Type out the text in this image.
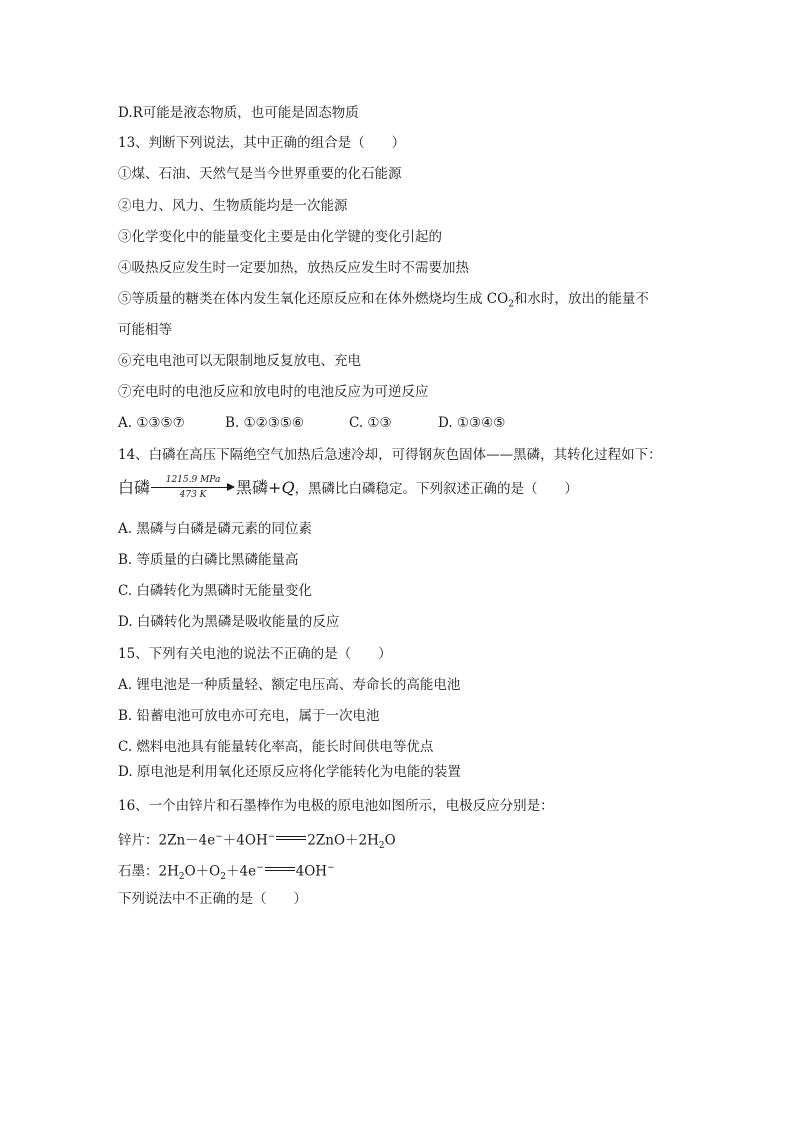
D.R可能是液态物质，也可能是固态物质
13、判断下列说法，其中正确的组合是（　　）
①煤、石油、天然气是当今世界重要的化石能源
②电力、风力、生物质能均是一次能源
③化学变化中的能量变化主要是由化学键的变化引起的
④吸热反应发生时一定要加热，放热反应发生时不需要加热
⑤等质量的糖类在体内发生氧化还原反应和在体外燃烧均生成 $CO_2$和水时，放出的能量不
可能相等
⑥充电电池可以无限制地反复放电、充电
⑦充电时的电池反应和放电时的电池反应为可逆反应
A. ①③⑤⑦	B. ①②③⑤⑥	C. ①③	D. ①③④⑤
14、白磷在高压下隔绝空气加热后急速冷却，可得钢灰色固体——黑磷，其转化过程如下：
白磷	1215.9 MPa
473 K	黑磷+Q，黑磷比白磷稳定。下列叙述正确的是（　　）
A. 黑磷与白磷是磷元素的同位素
B. 等质量的白磷比黑磷能量高
C. 白磷转化为黑磷时无能量变化
D. 白磷转化为黑磷是吸收能量的反应
15、下列有关电池的说法不正确的是（　　）
A. 锂电池是一种质量轻、额定电压高、寿命长的高能电池
B. 铅蓄电池可放电亦可充电，属于一次电池
C. 燃料电池具有能量转化率高，能长时间供电等优点
D. 原电池是利用氧化还原反应将化学能转化为电能的装置
16、一个由锌片和石墨棒作为电极的原电池如图所示，电极反应分别是：
锌片：2Zn－4e−＋4OH− $2ZnO+2H_2O$
石墨：$2H_2O+O_2+4e^-$ 4OH−
下列说法中不正确的是（　　）
